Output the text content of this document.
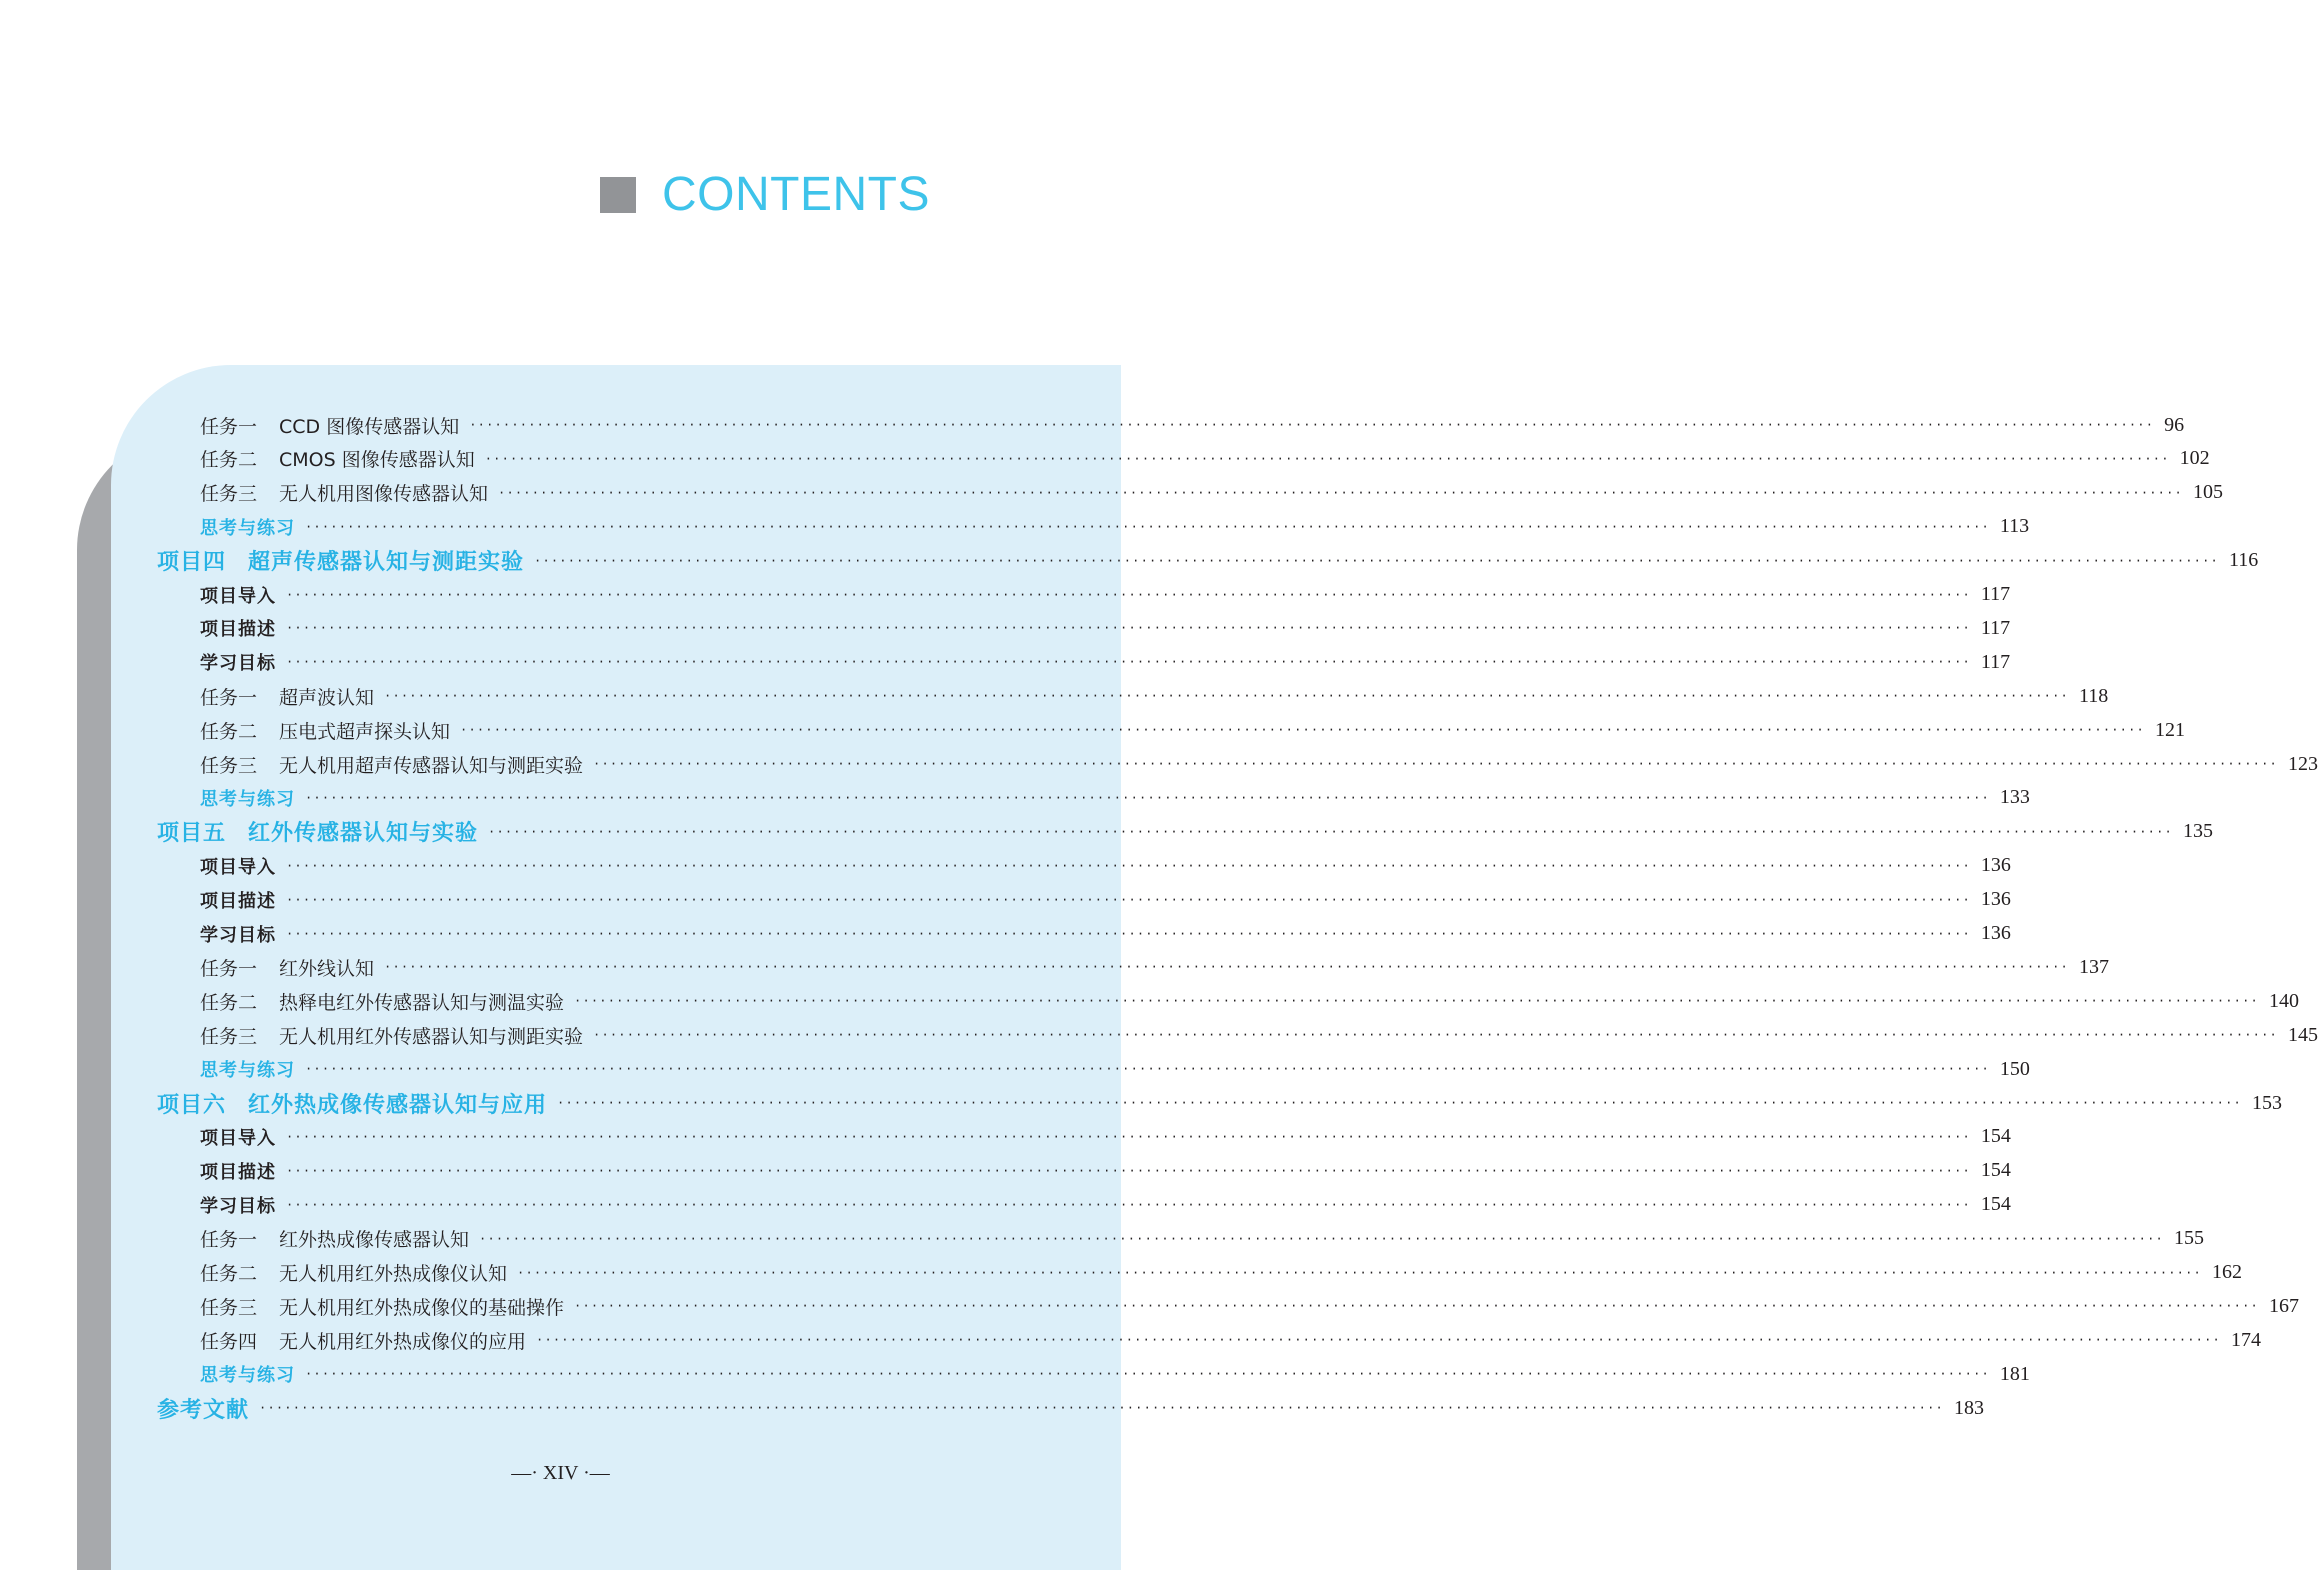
CONTENTS
任务一 CCD 图像传感器认知 ········································································································································································································ 96
任务二 CMOS 图像传感器认知 ········································································································································································································ 102
任务三 无人机用图像传感器认知 ········································································································································································································ 105
思考与练习 ········································································································································································································ 113
项目四 超声传感器认知与测距实验 ········································································································································································································ 116
项目导入 ········································································································································································································ 117
项目描述 ········································································································································································································ 117
学习目标 ········································································································································································································ 117
任务一 超声波认知 ········································································································································································································ 118
任务二 压电式超声探头认知 ········································································································································································································ 121
任务三 无人机用超声传感器认知与测距实验 ········································································································································································································ 123
思考与练习 ········································································································································································································ 133
项目五 红外传感器认知与实验 ········································································································································································································ 135
项目导入 ········································································································································································································ 136
项目描述 ········································································································································································································ 136
学习目标 ········································································································································································································ 136
任务一 红外线认知 ········································································································································································································ 137
任务二 热释电红外传感器认知与测温实验 ········································································································································································································ 140
任务三 无人机用红外传感器认知与测距实验 ········································································································································································································ 145
思考与练习 ········································································································································································································ 150
项目六 红外热成像传感器认知与应用 ········································································································································································································ 153
项目导入 ········································································································································································································ 154
项目描述 ········································································································································································································ 154
学习目标 ········································································································································································································ 154
任务一 红外热成像传感器认知 ········································································································································································································ 155
任务二 无人机用红外热成像仪认知 ········································································································································································································ 162
任务三 无人机用红外热成像仪的基础操作 ········································································································································································································ 167
任务四 无人机用红外热成像仪的应用 ········································································································································································································ 174
思考与练习 ········································································································································································································ 181
参考文献 ········································································································································································································ 183
—· XIV ·—
